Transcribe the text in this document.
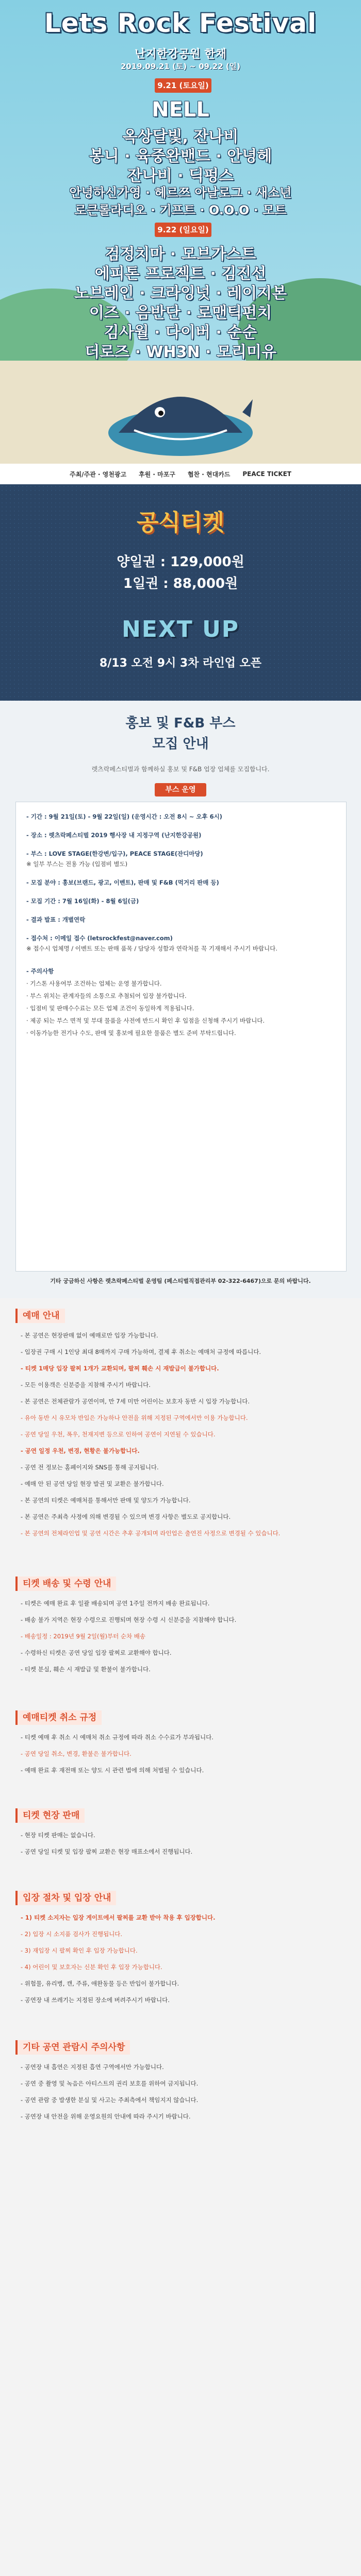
Lets Rock Festival
난지한강공원 한채
2019.09.21 (토) ~ 09.22 (일)
9.21 (토요일)
NELL
옥상달빛, 잔나비
봉니 · 육중완밴드 · 안녕헤
잔나비 · 딕펑스
안녕하신가영 · 헤르쯔 아날로그 · 새소년
로큰롤라디오 · 기프트 · O.O.O · 모트
9.22 (일요일)
검정치마 · 모브가스트
에피톤 프로젝트 · 김진선
노브레인 · 크라잉넛 · 레이지본
이즈 · 음반단 · 로맨틱펀치
김사월 · 다이버 · 순순
더로즈 · WH3N · 모리미유
주최/주관 · 영천광고 후원 · 마포구 협찬 · 현대카드 PEACE TICKET
공식티켓
양일권 : 129,000원
1일권 : 88,000원
NEXT UP
8/13 오전 9시 3차 라인업 오픈
홍보 및 F&B 부스
모집 안내
렛츠락페스티벌과 함께하실 홍보 및 F&B 업장 업체를 모집합니다.
부스 운영
- 기간 : 9월 21일(토) - 9월 22일(일) (운영시간 : 오전 8시 ~ 오후 6시)
- 장소 : 렛츠락페스티벌 2019 행사장 내 지정구역 (난지한강공원)
- 부스 : LOVE STAGE(한강변/입구), PEACE STAGE(잔디마당)
※ 일부 부스는 전용 가능 (입점비 별도)
- 모집 분야 : 홍보(브랜드, 광고, 이벤트), 판매 및 F&B (먹거리 판매 등)
- 모집 기간 : 7월 16일(화) - 8월 6일(금)
- 결과 발표 : 개별연락
- 접수처 : 이메일 접수 (letsrockfest@naver.com)
※ 접수시 업체명 / 이벤트 또는 판매 품목 / 담당자 성함과 연락처를 꼭 기재해서 주시기 바랍니다.
- 주의사항
· 기스톤 사용여부 조건하는 업체는 운영 불가합니다.
· 부스 위치는 관계자들의 소통으로 추첨되어 입장 불가합니다.
· 입점비 및 판매수수료는 모든 업체 조건이 동일하게 적용됩니다.
· 제공 되는 부스 면적 및 부대 물품을 사전에 반드시 확인 후 입점을 신청해 주시기 바랍니다.
· 이동가능한 전기나 수도, 판매 및 홍보에 필요한 물품은 별도 준비 부탁드립니다.
기타 궁금하신 사항은 렛츠락페스티벌 운영팀 (페스티벌직접관리부 02-322-6467)으로 문의 바랍니다.
예매 안내
- 본 공연은 현장판매 없이 예매로만 입장 가능합니다.
- 입장권 구매 시 1인당 최대 8매까지 구매 가능하며, 결제 후 취소는 예매처 규정에 따릅니다.
- 티켓 1매당 입장 팔찌 1개가 교환되며, 팔찌 훼손 시 재발급이 불가합니다.
- 모든 이용객은 신분증을 지참해 주시기 바랍니다.
- 본 공연은 전체관람가 공연이며, 만 7세 미만 어린이는 보호자 동반 시 입장 가능합니다.
- 유아 동반 시 유모차 반입은 가능하나 안전을 위해 지정된 구역에서만 이용 가능합니다.
- 공연 당일 우천, 폭우, 천재지변 등으로 인하여 공연이 지연될 수 있습니다.
- 공연 일정 우천, 변경, 현황은 불가능합니다.
- 공연 전 정보는 홈페이지와 SNS를 통해 공지됩니다.
- 예매 안 된 공연 당일 현장 발권 및 교환은 불가합니다.
- 본 공연의 티켓은 예매처를 통해서만 판매 및 양도가 가능합니다.
- 본 공연은 주최측 사정에 의해 변경될 수 있으며 변경 사항은 별도로 공지합니다.
- 본 공연의 전체라인업 및 공연 시간은 추후 공개되며 라인업은 출연진 사정으로 변경될 수 있습니다.
티켓 배송 및 수령 안내
- 티켓은 예매 완료 후 일괄 배송되며 공연 1주일 전까지 배송 완료됩니다.
- 배송 불가 지역은 현장 수령으로 진행되며 현장 수령 시 신분증을 지참해야 합니다.
- 배송일정 : 2019년 9월 2일(월)부터 순차 배송
- 수령하신 티켓은 공연 당일 입장 팔찌로 교환해야 합니다.
- 티켓 분실, 훼손 시 재발급 및 환불이 불가합니다.
예매티켓 취소 규정
- 티켓 예매 후 취소 시 예매처 취소 규정에 따라 취소 수수료가 부과됩니다.
- 공연 당일 취소, 변경, 환불은 불가합니다.
- 예매 완료 후 재전매 또는 양도 시 관련 법에 의해 처벌될 수 있습니다.
티켓 현장 판매
- 현장 티켓 판매는 없습니다.
- 공연 당일 티켓 및 입장 팔찌 교환은 현장 매표소에서 진행됩니다.
입장 절차 및 입장 안내
- 1) 티켓 소지자는 입장 게이트에서 팔찌를 교환 받아 착용 후 입장합니다.
- 2) 입장 시 소지품 검사가 진행됩니다.
- 3) 재입장 시 팔찌 확인 후 입장 가능합니다.
- 4) 어린이 및 보호자는 신분 확인 후 입장 가능합니다.
- 위험물, 유리병, 캔, 주류, 애완동물 등은 반입이 불가합니다.
- 공연장 내 쓰레기는 지정된 장소에 버려주시기 바랍니다.
기타 공연 관람시 주의사항
- 공연장 내 흡연은 지정된 흡연 구역에서만 가능합니다.
- 공연 중 촬영 및 녹음은 아티스트의 권리 보호를 위하여 금지됩니다.
- 공연 관람 중 발생한 분실 및 사고는 주최측에서 책임지지 않습니다.
- 공연장 내 안전을 위해 운영요원의 안내에 따라 주시기 바랍니다.
